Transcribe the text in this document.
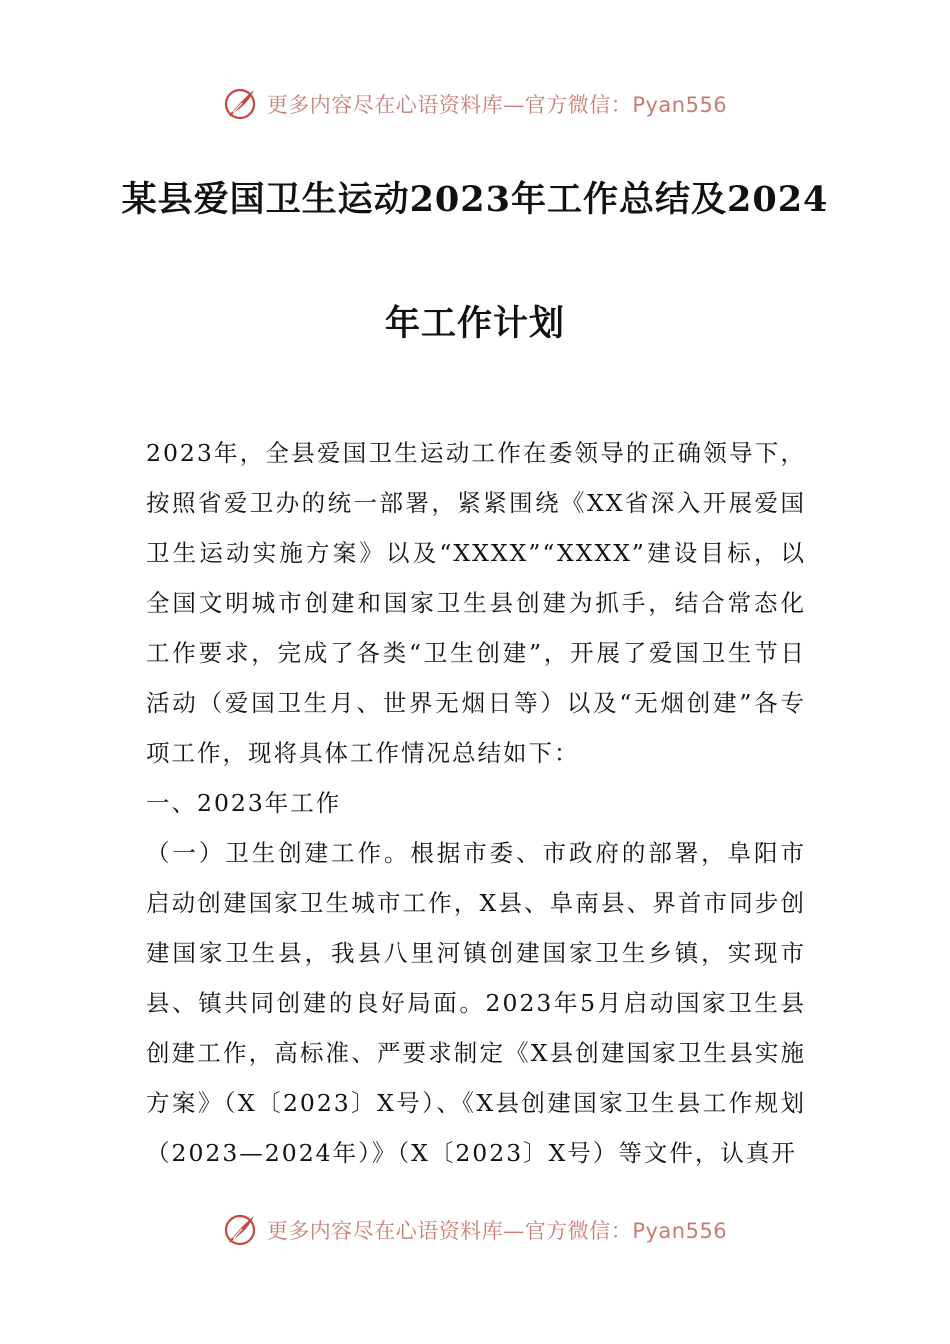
更多内容尽在心语资料库—官方微信：Pyan556
某县爱国卫生运动2023年工作总结及2024
年工作计划

2023年，全县爱国卫生运动工作在委领导的正确领导下，按照省爱卫办的统一部署，紧紧围绕《XX省深入开展爱国卫生运动实施方案》以及“XXXX”“XXXX”建设目标，以全国文明城市创建和国家卫生县创建为抓手，结合常态化工作要求，完成了各类“卫生创建”，开展了爱国卫生节日活动（爱国卫生月、世界无烟日等）以及“无烟创建”各专项工作，现将具体工作情况总结如下：

一、2023年工作

（一）卫生创建工作。根据市委、市政府的部署，阜阳市启动创建国家卫生城市工作，X县、阜南县、界首市同步创建国家卫生县，我县八里河镇创建国家卫生乡镇，实现市县、镇共同创建的良好局面。2023年5月启动国家卫生县创建工作，高标准、严要求制定《X县创建国家卫生县实施方案》（X〔2023〕X号）、《X县创建国家卫生县工作规划（2023—2024年）》（X〔2023〕X号）等文件，认真开

更多内容尽在心语资料库—官方微信：Pyan556
